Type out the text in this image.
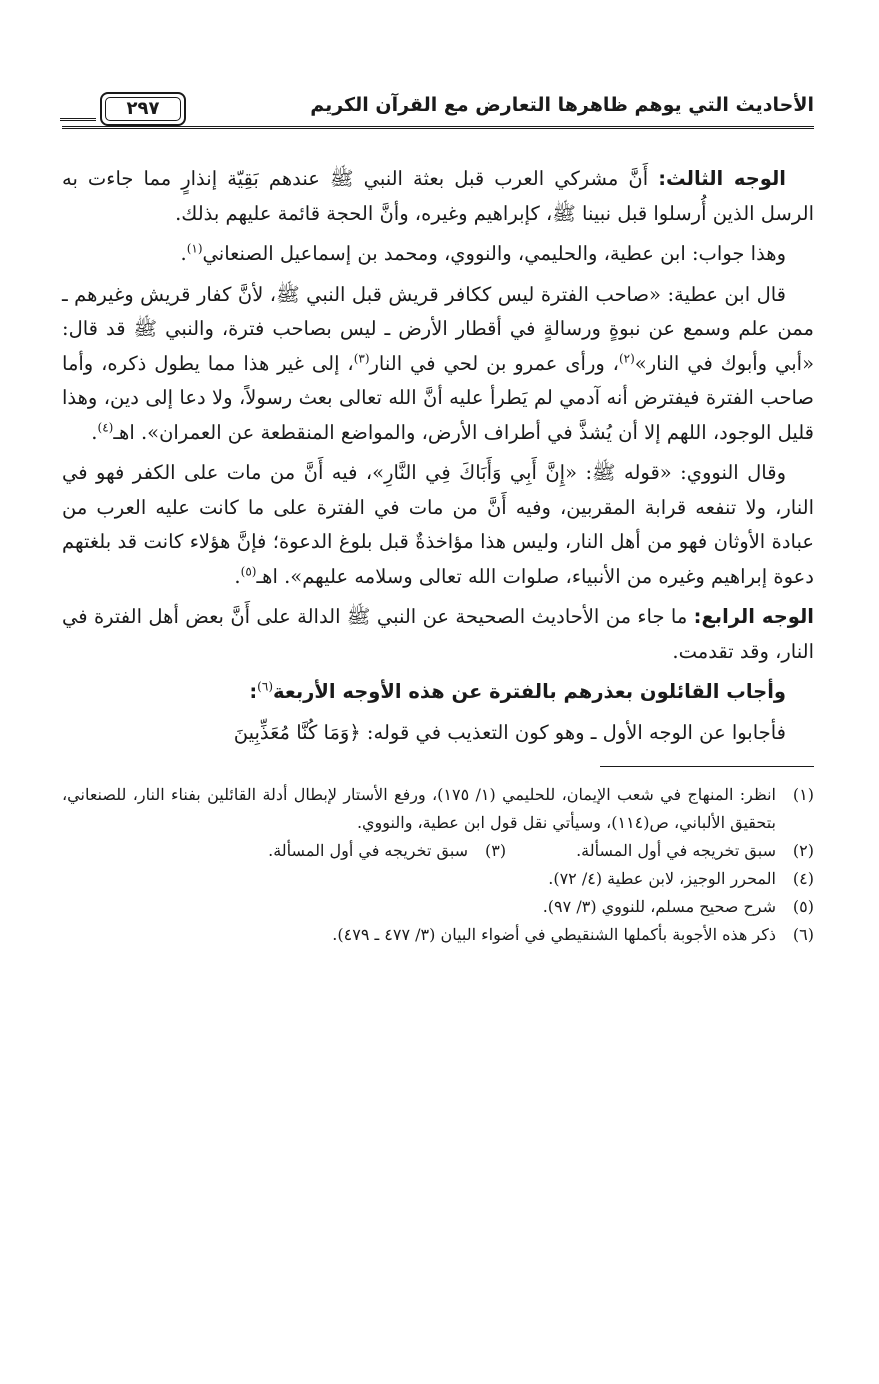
الأحاديث التي يوهم ظاهرها التعارض مع القرآن الكريم
٢٩٧

الوجه الثالث: أَنَّ مشركي العرب قبل بعثة النبي ﷺ عندهم بَقِيّة إنذارٍ مما جاءت به الرسل الذين أُرسلوا قبل نبينا ﷺ، كإبراهيم وغيره، وأنَّ الحجة قائمة عليهم بذلك.

وهذا جواب: ابن عطية، والحليمي، والنووي، ومحمد بن إسماعيل الصنعاني$^{(١)}$.

قال ابن عطية: «صاحب الفترة ليس ككافر قريش قبل النبي ﷺ، لأنَّ كفار قريش وغيرهم ـ ممن علم وسمع عن نبوةٍ ورسالةٍ في أقطار الأرض ـ ليس بصاحب فترة، والنبي ﷺ قد قال: «أبي وأبوك في النار»$^{(٢)}$، ورأى عمرو بن لحي في النار$^{(٣)}$، إلى غير هذا مما يطول ذكره، وأما صاحب الفترة فيفترض أنه آدمي لم يَطرأ عليه أنَّ الله تعالى بعث رسولاً، ولا دعا إلى دين، وهذا قليل الوجود، اللهم إلا أن يُشذَّ في أطراف الأرض، والمواضع المنقطعة عن العمران». اهـ$^{(٤)}$.

وقال النووي: «قوله ﷺ: «إِنَّ أَبِي وَأَبَاكَ فِي النَّارِ»، فيه أَنَّ من مات على الكفر فهو في النار، ولا تنفعه قرابة المقربين، وفيه أَنَّ من مات في الفترة على ما كانت عليه العرب من عبادة الأوثان فهو من أهل النار، وليس هذا مؤاخذةٌ قبل بلوغ الدعوة؛ فإنَّ هؤلاء كانت قد بلغتهم دعوة إبراهيم وغيره من الأنبياء، صلوات الله تعالى وسلامه عليهم». اهـ$^{(٥)}$.

الوجه الرابع: ما جاء من الأحاديث الصحيحة عن النبي ﷺ الدالة على أَنَّ بعض أهل الفترة في النار، وقد تقدمت.

وأجاب القائلون بعذرهم بالفترة عن هذه الأوجه الأربعة$^{(٦)}$:

فأجابوا عن الوجه الأول ـ وهو كون التعذيب في قوله: ﴿وَمَا كُنَّا مُعَذِّبِينَ

(١)
انظر: المنهاج في شعب الإيمان، للحليمي (١/ ١٧٥)، ورفع الأستار لإبطال أدلة القائلين بفناء النار، للصنعاني، بتحقيق الألباني، ص(١١٤)، وسيأتي نقل قول ابن عطية، والنووي.
(٢)
سبق تخريجه في أول المسألة.
(٣)
سبق تخريجه في أول المسألة.
(٤)
المحرر الوجيز، لابن عطية (٤/ ٧٢).
(٥)
شرح صحيح مسلم، للنووي (٣/ ٩٧).
(٦)
ذكر هذه الأجوبة بأكملها الشنقيطي في أضواء البيان (٣/ ٤٧٧ ـ ٤٧٩).
